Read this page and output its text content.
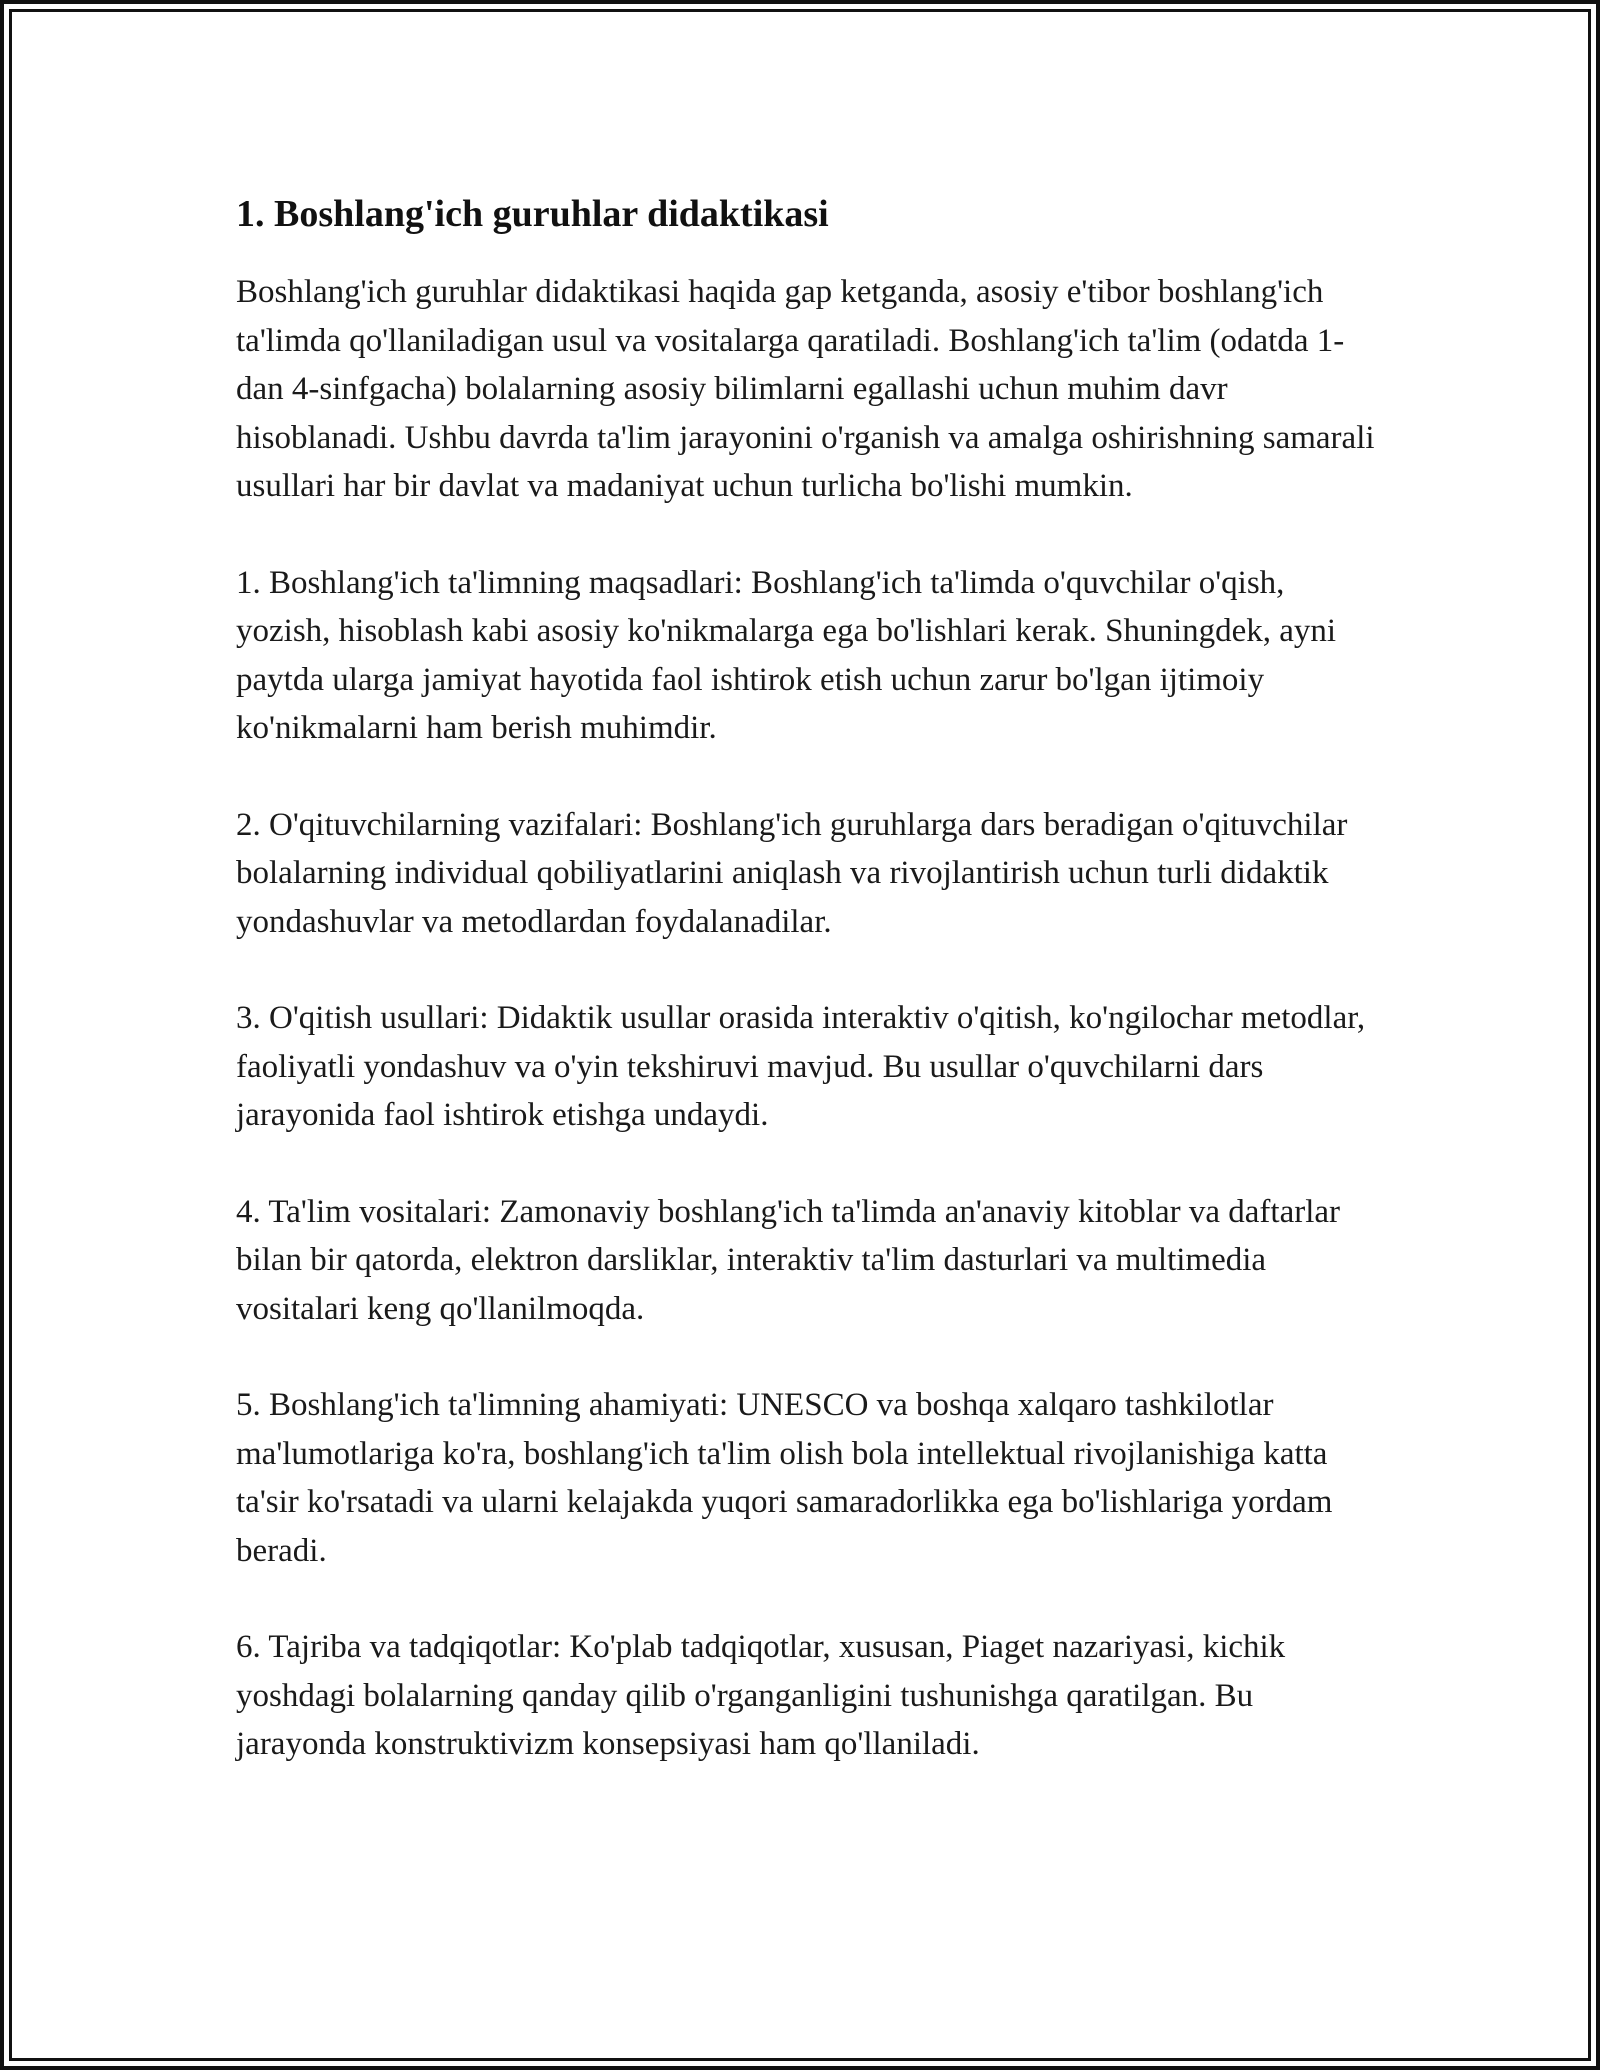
1. Boshlang'ich guruhlar didaktikasi

Boshlang'ich guruhlar didaktikasi haqida gap ketganda, asosiy e'tibor boshlang'ich ta'limda qo'llaniladigan usul va vositalarga qaratiladi. Boshlang'ich ta'lim (odatda 1-dan 4-sinfgacha) bolalarning asosiy bilimlarni egallashi uchun muhim davr hisoblanadi. Ushbu davrda ta'lim jarayonini o'rganish va amalga oshirishning samarali usullari har bir davlat va madaniyat uchun turlicha bo'lishi mumkin.

1. Boshlang'ich ta'limning maqsadlari: Boshlang'ich ta'limda o'quvchilar o'qish, yozish, hisoblash kabi asosiy ko'nikmalarga ega bo'lishlari kerak. Shuningdek, ayni paytda ularga jamiyat hayotida faol ishtirok etish uchun zarur bo'lgan ijtimoiy ko'nikmalarni ham berish muhimdir.

2. O'qituvchilarning vazifalari: Boshlang'ich guruhlarga dars beradigan o'qituvchilar bolalarning individual qobiliyatlarini aniqlash va rivojlantirish uchun turli didaktik yondashuvlar va metodlardan foydalanadilar.

3. O'qitish usullari: Didaktik usullar orasida interaktiv o'qitish, ko'ngilochar metodlar, faoliyatli yondashuv va o'yin tekshiruvi mavjud. Bu usullar o'quvchilarni dars jarayonida faol ishtirok etishga undaydi.

4. Ta'lim vositalari: Zamonaviy boshlang'ich ta'limda an'anaviy kitoblar va daftarlar bilan bir qatorda, elektron darsliklar, interaktiv ta'lim dasturlari va multimedia vositalari keng qo'llanilmoqda.

5. Boshlang'ich ta'limning ahamiyati: UNESCO va boshqa xalqaro tashkilotlar ma'lumotlariga ko'ra, boshlang'ich ta'lim olish bola intellektual rivojlanishiga katta ta'sir ko'rsatadi va ularni kelajakda yuqori samaradorlikka ega bo'lishlariga yordam beradi.

6. Tajriba va tadqiqotlar: Ko'plab tadqiqotlar, xususan, Piaget nazariyasi, kichik yoshdagi bolalarning qanday qilib o'rganganligini tushunishga qaratilgan. Bu jarayonda konstruktivizm konsepsiyasi ham qo'llaniladi.
